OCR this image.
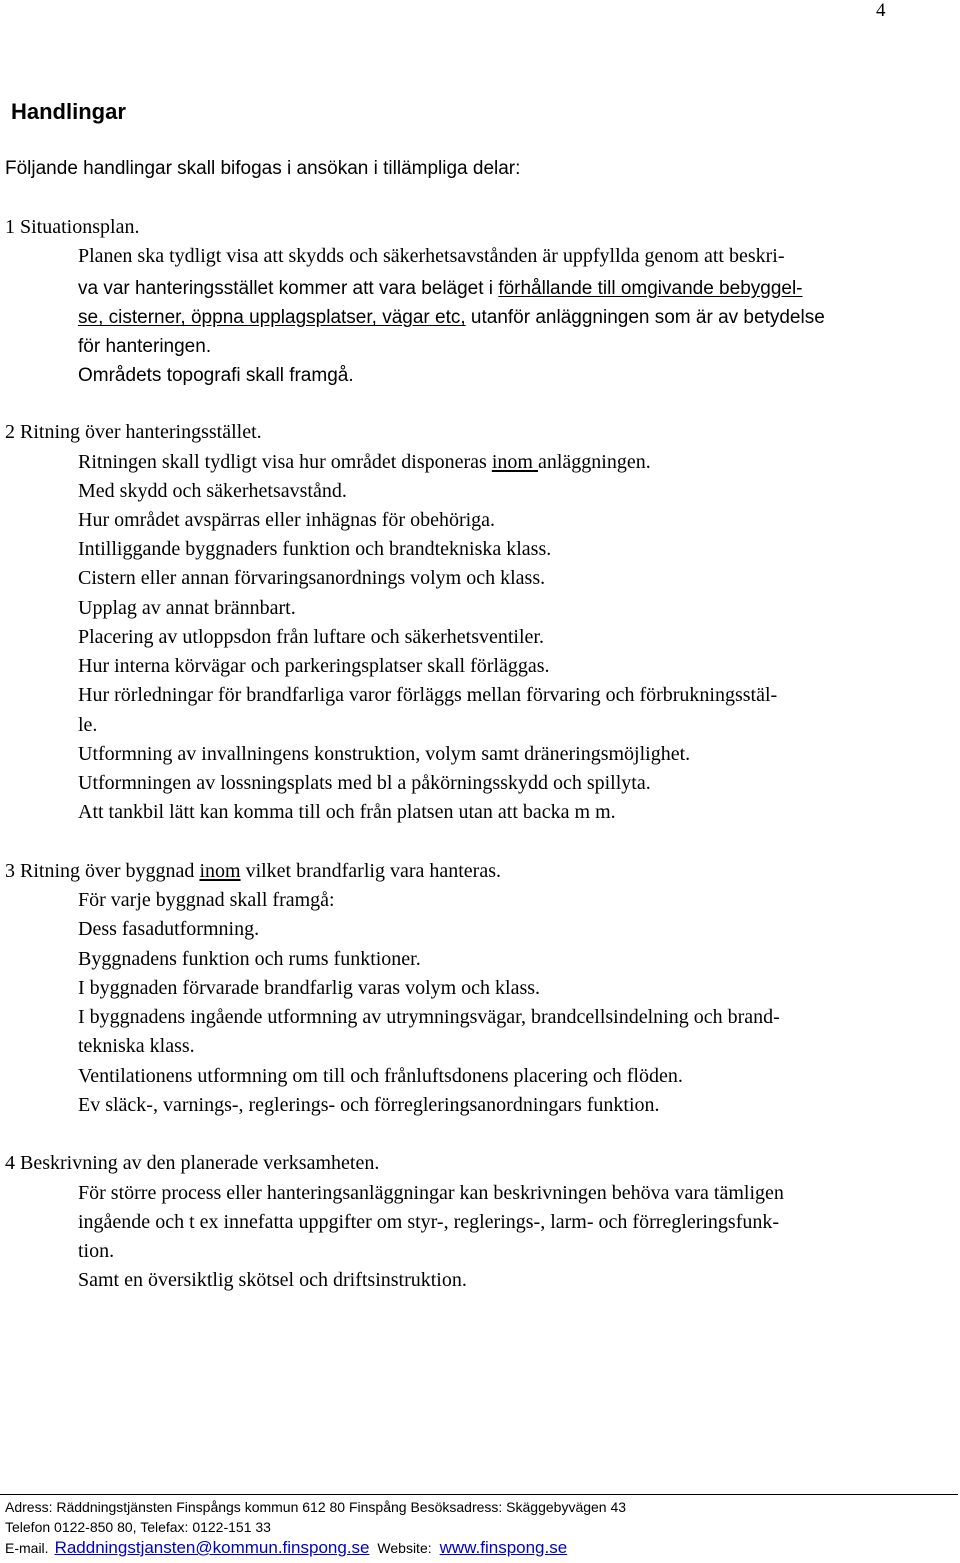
4
Handlingar
Följande handlingar skall bifogas i ansökan i tillämpliga delar:
1 Situationsplan.
Planen ska tydligt visa att skydds och säkerhetsavstånden är uppfyllda genom att beskri-
va var hanteringsstället kommer att vara beläget i förhållande till omgivande bebyggel-
se, cisterner, öppna upplagsplatser, vägar etc, utanför anläggningen som är av betydelse
för hanteringen.
Områdets topografi skall framgå.
2 Ritning över hanteringsstället.
Ritningen skall tydligt visa hur området disponeras inom anläggningen.
Med skydd och säkerhetsavstånd.
Hur området avspärras eller inhägnas för obehöriga.
Intilliggande byggnaders funktion och brandtekniska klass.
Cistern eller annan förvaringsanordnings volym och klass.
Upplag av annat brännbart.
Placering av utloppsdon från luftare och säkerhetsventiler.
Hur interna körvägar och parkeringsplatser skall förläggas.
Hur rörledningar för brandfarliga varor förläggs mellan förvaring och förbrukningsstäl-
le.
Utformning av invallningens konstruktion, volym samt dräneringsmöjlighet.
Utformningen av lossningsplats med bl a påkörningsskydd och spillyta.
Att tankbil lätt kan komma till och från platsen utan att backa m m.
3 Ritning över byggnad inom vilket brandfarlig vara hanteras.
För varje byggnad skall framgå:
Dess fasadutformning.
Byggnadens funktion och rums funktioner.
I byggnaden förvarade brandfarlig varas volym och klass.
I byggnadens ingående utformning av utrymningsvägar, brandcellsindelning och brand-
tekniska klass.
Ventilationens utformning om till och frånluftsdonens placering och flöden.
Ev släck-, varnings-, reglerings- och förregleringsanordningars funktion.
4 Beskrivning av den planerade verksamheten.
För större process eller hanteringsanläggningar kan beskrivningen behöva vara tämligen
ingående och t ex innefatta uppgifter om styr-, reglerings-, larm- och förregleringsfunk-
tion.
Samt en översiktlig skötsel och driftsinstruktion.
Adress: Räddningstjänsten Finspångs kommun 612 80 Finspång Besöksadress: Skäggebyvägen 43
Telefon 0122-850 80, Telefax: 0122-151 33
E-mail. Raddningstjansten@kommun.finspong.se Website: www.finspong.se
